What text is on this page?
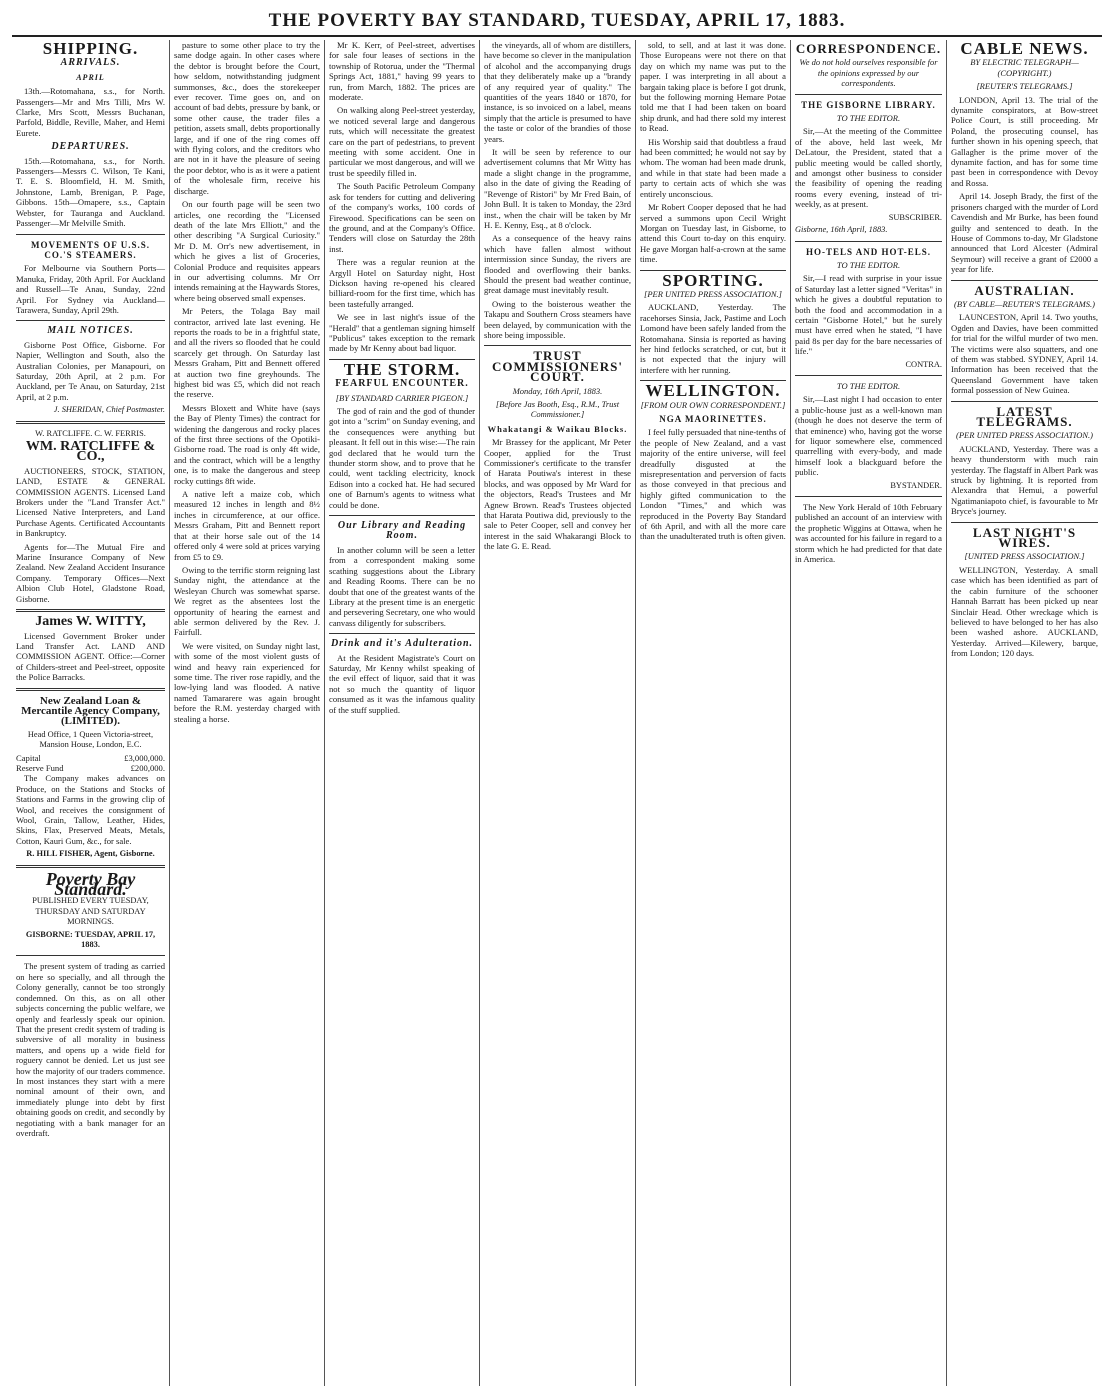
THE POVERTY BAY STANDARD, TUESDAY, APRIL 17, 1883.
SHIPPING.
ARRIVALS.
APRIL

13th.—Rotomahana, s.s., for North. Passengers—Mr and Mrs Tilli, Mrs W. Clarke, Mrs Scott, Messrs Buchanan, Parfold, Biddle, Reville, Maher, and Hemi Eurete.

DEPARTURES.

15th.—Rotomahana, s.s., for North. Passengers—Messrs C. Wilson, Te Kani, T. E. S. Bloomfield, H. M. Smith, Johnstone, Lamb, Brenigan, P. Page, Gibbons. 15th—Omapere, s.s., Captain Webster, for Tauranga and Auckland. Passenger—Mr Melville Smith.

MOVEMENTS OF U.S.S. CO.'S STEAMERS.

For Melbourne via Southern Ports—Manuka, Friday, 20th April. For Auckland and Russell—Te Anau, Sunday, 22nd April. For Sydney via Auckland—Tarawera, Sunday, April 29th.

MAIL NOTICES.

Gisborne Post Office, Gisborne. For Napier, Wellington and South, also the Australian Colonies, per Manapouri, on Saturday, 20th April, at 2 p.m. For Auckland, per Te Anau, on Saturday, 21st April, at 2 p.m.

J. SHERIDAN, Chief Postmaster.
W. RATCLIFFE. C. W. FERRIS.
WM. RATCLIFFE & CO.,

AUCTIONEERS, STOCK, STATION, LAND, ESTATE & GENERAL COMMISSION AGENTS. Licensed Land Brokers under the "Land Transfer Act." Licensed Native Interpreters, and Land Purchase Agents. Certificated Accountants in Bankruptcy.

Agents for—The Mutual Fire and Marine Insurance Company of New Zealand. New Zealand Accident Insurance Company. Temporary Offices—Next Albion Club Hotel, Gladstone Road, Gisborne.

James W. WITTY,

Licensed Government Broker under Land Transfer Act. LAND AND COMMISSION AGENT. Office:—Corner of Childers-street and Peel-street, opposite the Police Barracks.

New Zealand Loan & Mercantile Agency Company, (LIMITED).
Head Office, 1 Queen Victoria-street, Mansion House, London, E.C.
Capital	£3,000,000.
Reserve Fund	£200,000.

The Company makes advances on Produce, on the Stations and Stocks of Stations and Farms in the growing clip of Wool, and receives the consignment of Wool, Grain, Tallow, Leather, Hides, Skins, Flax, Preserved Meats, Metals, Cotton, Kauri Gum, &c., for sale.

R. HILL FISHER, Agent, Gisborne.
Poverty Bay Standard.
PUBLISHED EVERY TUESDAY, THURSDAY AND SATURDAY MORNINGS.
GISBORNE: TUESDAY, APRIL 17, 1883.

The present system of trading as carried on here so specially, and all through the Colony generally, cannot be too strongly condemned. On this, as on all other subjects concerning the public welfare, we openly and fearlessly speak our opinion. That the present credit system of trading is subversive of all morality in business matters, and opens up a wide field for roguery cannot be denied. Let us just see how the majority of our traders commence. In most instances they start with a mere nominal amount of their own, and immediately plunge into debt by first obtaining goods on credit, and secondly by negotiating with a bank manager for an overdraft.

pasture to some other place to try the same dodge again. In other cases where the debtor is brought before the Court, how seldom, notwithstanding judgment summonses, &c., does the storekeeper ever recover. Time goes on, and on account of bad debts, pressure by bank, or some other cause, the trader files a petition, assets small, debts proportionally large, and if one of the ring comes off with flying colors, and the creditors who are not in it have the pleasure of seeing the poor debtor, who is as it were a patient of the wholesale firm, receive his discharge.

On our fourth page will be seen two articles, one recording the "Licensed death of the late Mrs Elliott," and the other describing "A Surgical Curiosity." Mr D. M. Orr's new advertisement, in which he gives a list of Groceries, Colonial Produce and requisites appears in our advertising columns. Mr Orr intends remaining at the Haywards Stores, where being observed small expenses.

Mr Peters, the Tolaga Bay mail contractor, arrived late last evening. He reports the roads to be in a frightful state, and all the rivers so flooded that he could scarcely get through. On Saturday last Messrs Graham, Pitt and Bennett offered at auction two fine greyhounds. The highest bid was £5, which did not reach the reserve.

Messrs Bloxett and White have (says the Bay of Plenty Times) the contract for widening the dangerous and rocky places of the first three sections of the Opotiki-Gisborne road. The road is only 4ft wide, and the contract, which will be a lengthy one, is to make the dangerous and steep rocky cuttings 8ft wide.

A native left a maize cob, which measured 12 inches in length and 8½ inches in circumference, at our office. Messrs Graham, Pitt and Bennett report that at their horse sale out of the 14 offered only 4 were sold at prices varying from £5 to £9.

Owing to the terrific storm reigning last Sunday night, the attendance at the Wesleyan Church was somewhat sparse. We regret as the absentees lost the opportunity of hearing the earnest and able sermon delivered by the Rev. J. Fairfull.

We were visited, on Sunday night last, with some of the most violent gusts of wind and heavy rain experienced for some time. The river rose rapidly, and the low-lying land was flooded. A native named Tamararere was again brought before the R.M. yesterday charged with stealing a horse.

Mr K. Kerr, of Peel-street, advertises for sale four leases of sections in the township of Rotorua, under the "Thermal Springs Act, 1881," having 99 years to run, from March, 1882. The prices are moderate.

On walking along Peel-street yesterday, we noticed several large and dangerous ruts, which will necessitate the greatest care on the part of pedestrians, to prevent meeting with some accident. One in particular we most dangerous, and will we trust be speedily filled in.

The South Pacific Petroleum Company ask for tenders for cutting and delivering of the company's works, 100 cords of Firewood. Specifications can be seen on the ground, and at the Company's Office. Tenders will close on Saturday the 28th inst.

There was a regular reunion at the Argyll Hotel on Saturday night, Host Dickson having re-opened his cleared billiard-room for the first time, which has been tastefully arranged.

We see in last night's issue of the "Herald" that a gentleman signing himself "Publicus" takes exception to the remark made by Mr Kenny about bad liquor.

THE STORM.
FEARFUL ENCOUNTER.
[BY STANDARD CARRIER PIGEON.]

The god of rain and the god of thunder got into a "scrim" on Sunday evening, and the consequences were anything but pleasant. It fell out in this wise:—The rain god declared that he would turn the thunder storm show, and to prove that he could, went tackling electricity, knock Edison into a cocked hat. He had secured one of Barnum's agents to witness what could be done.

Our Library and Reading Room.

In another column will be seen a letter from a correspondent making some scathing suggestions about the Library and Reading Rooms. There can be no doubt that one of the greatest wants of the Library at the present time is an energetic and persevering Secretary, one who would canvass diligently for subscribers.

Drink and it's Adulteration.

At the Resident Magistrate's Court on Saturday, Mr Kenny whilst speaking of the evil effect of liquor, said that it was not so much the quantity of liquor consumed as it was the infamous quality of the stuff supplied.

the vineyards, all of whom are distillers, have become so clever in the manipulation of alcohol and the accompanying drugs that they deliberately make up a "brandy of any required year of quality." The quantities of the years 1840 or 1870, for instance, is so invoiced on a label, means simply that the article is presumed to have the taste or color of the brandies of those years.

It will be seen by reference to our advertisement columns that Mr Witty has made a slight change in the programme, also in the date of giving the Reading of "Revenge of Ristori" by Mr Fred Bain, of John Bull. It is taken to Monday, the 23rd inst., when the chair will be taken by Mr H. E. Kenny, Esq., at 8 o'clock.

As a consequence of the heavy rains which have fallen almost without intermission since Sunday, the rivers are flooded and overflowing their banks. Should the present bad weather continue, great damage must inevitably result.

Owing to the boisterous weather the Takapu and Southern Cross steamers have been delayed, by communication with the shore being impossible.

TRUST COMMISSIONERS' COURT.
Monday, 16th April, 1883.
[Before Jas Booth, Esq., R.M., Trust Commissioner.]
Whakatangi & Waikau Blocks.

Mr Brassey for the applicant, Mr Peter Cooper, applied for the Trust Commissioner's certificate to the transfer of Harata Poutiwa's interest in these blocks, and was opposed by Mr Ward for the objectors, Read's Trustees and Mr Agnew Brown. Read's Trustees objected that Harata Poutiwa did, previously to the sale to Peter Cooper, sell and convey her interest in the said Whakarangi Block to the late G. E. Read.

sold, to sell, and at last it was done. Those Europeans were not there on that day on which my name was put to the paper. I was interpreting in all about a bargain taking place is before I got drunk, but the following morning Hemare Potae told me that I had been taken on board ship drunk, and had there sold my interest to Read.

His Worship said that doubtless a fraud had been committed; he would not say by whom. The woman had been made drunk, and while in that state had been made a party to certain acts of which she was entirely unconscious.

Mr Robert Cooper deposed that he had served a summons upon Cecil Wright Morgan on Tuesday last, in Gisborne, to attend this Court to-day on this enquiry. He gave Morgan half-a-crown at the same time.

SPORTING.
[PER UNITED PRESS ASSOCIATION.]

AUCKLAND, Yesterday. The racehorses Sinsia, Jack, Pastime and Loch Lomond have been safely landed from the Rotomahana. Sinsia is reported as having her hind fetlocks scratched, or cut, but it is not expected that the injury will interfere with her running.

WELLINGTON.
[FROM OUR OWN CORRESPONDENT.]
NGA MAORINETTES.

I feel fully persuaded that nine-tenths of the people of New Zealand, and a vast majority of the entire universe, will feel dreadfully disgusted at the misrepresentation and perversion of facts as those conveyed in that precious and highly gifted communication to the London "Times," and which was reproduced in the Poverty Bay Standard of 6th April, and with all the more care than the unadulterated truth is often given.

CORRESPONDENCE.
We do not hold ourselves responsible for the opinions expressed by our correspondents.
THE GISBORNE LIBRARY.
TO THE EDITOR.

Sir,—At the meeting of the Committee of the above, held last week, Mr DeLatour, the President, stated that a public meeting would be called shortly, and amongst other business to consider the feasibility of opening the reading rooms every evening, instead of tri-weekly, as at present.

SUBSCRIBER.
Gisborne, 16th April, 1883.
HO-TELS AND HOT-ELS.
TO THE EDITOR.

Sir,—I read with surprise in your issue of Saturday last a letter signed "Veritas" in which he gives a doubtful reputation to both the food and accommodation in a certain "Gisborne Hotel," but he surely must have erred when he stated, "I have paid 8s per day for the bare necessaries of life."

CONTRA.
TO THE EDITOR.

Sir,—Last night I had occasion to enter a public-house just as a well-known man (though he does not deserve the term of that eminence) who, having got the worse for liquor somewhere else, commenced quarrelling with every-body, and made himself look a blackguard before the public.

BYSTANDER.

The New York Herald of 10th February published an account of an interview with the prophetic Wiggins at Ottawa, when he was accounted for his failure in regard to a storm which he had predicted for that date in America.

CABLE NEWS.
BY ELECTRIC TELEGRAPH—(COPYRIGHT.)
[REUTER'S TELEGRAMS.]

LONDON, April 13. The trial of the dynamite conspirators, at Bow-street Police Court, is still proceeding. Mr Poland, the prosecuting counsel, has further shown in his opening speech, that Gallagher is the prime mover of the dynamite faction, and has for some time past been in correspondence with Devoy and Rossa.

April 14. Joseph Brady, the first of the prisoners charged with the murder of Lord Cavendish and Mr Burke, has been found guilty and sentenced to death. In the House of Commons to-day, Mr Gladstone announced that Lord Alcester (Admiral Seymour) will receive a grant of £2000 a year for life.

AUSTRALIAN.
(BY CABLE—REUTER'S TELEGRAMS.)

LAUNCESTON, April 14. Two youths, Ogden and Davies, have been committed for trial for the wilful murder of two men. The victims were also squatters, and one of them was stabbed. SYDNEY, April 14. Information has been received that the Queensland Government have taken formal possession of New Guinea.

LATEST TELEGRAMS.
(PER UNITED PRESS ASSOCIATION.)

AUCKLAND, Yesterday. There was a heavy thunderstorm with much rain yesterday. The flagstaff in Albert Park was struck by lightning. It is reported from Alexandra that Hemui, a powerful Ngatimaniapoto chief, is favourable to Mr Bryce's journey.

LAST NIGHT'S WIRES.
[UNITED PRESS ASSOCIATION.]

WELLINGTON, Yesterday. A small case which has been identified as part of the cabin furniture of the schooner Hannah Barratt has been picked up near Sinclair Head. Other wreckage which is believed to have belonged to her has also been washed ashore. AUCKLAND, Yesterday. Arrived—Kilewery, barque, from London; 120 days.
